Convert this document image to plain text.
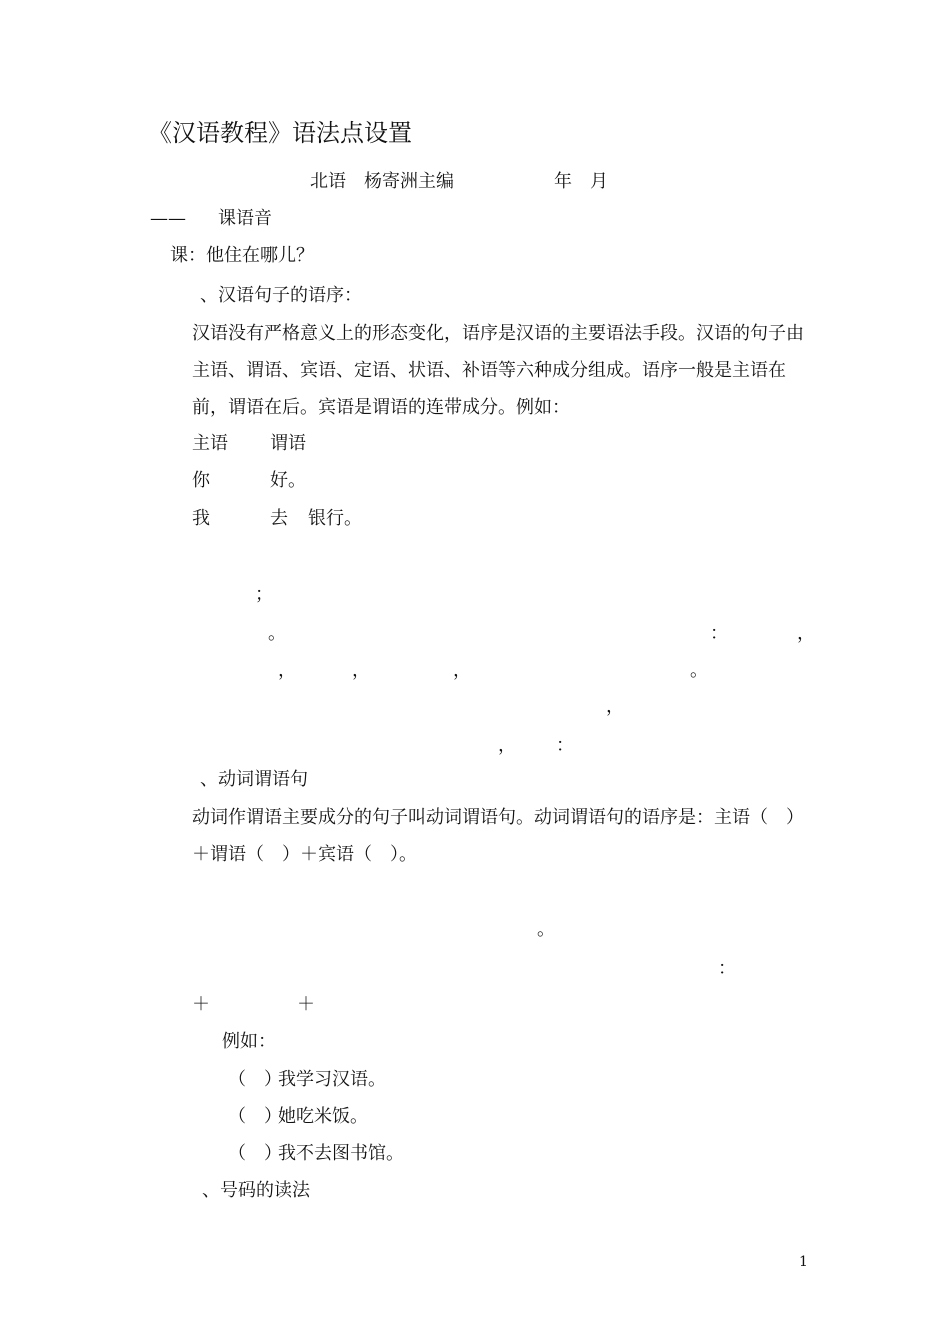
《汉语教程》语法点设置
北语　杨寄洲主编	年　月
—— 课语音
课：他住在哪儿？
、汉语句子的语序：
汉语没有严格意义上的形态变化，语序是汉语的主要语法手段。汉语的句子由主语、谓语、宾语、定语、状语、补语等六种成分组成。语序一般是主语在前，谓语在后。宾语是谓语的连带成分。例如：
主语 谓语
你	好。
我	去 银行。
；
。	：	，
，	，	，	。
，
， ：
、动词谓语句
动词作谓语主要成分的句子叫动词谓语句。动词谓语句的语序是：主语（　）＋谓语（　）＋宾语（　）。
。
：
＋	＋
例如：
（　）
我学习汉语。
（　）
她吃米饭。
（　）
我不去图书馆。
、号码的读法
1
